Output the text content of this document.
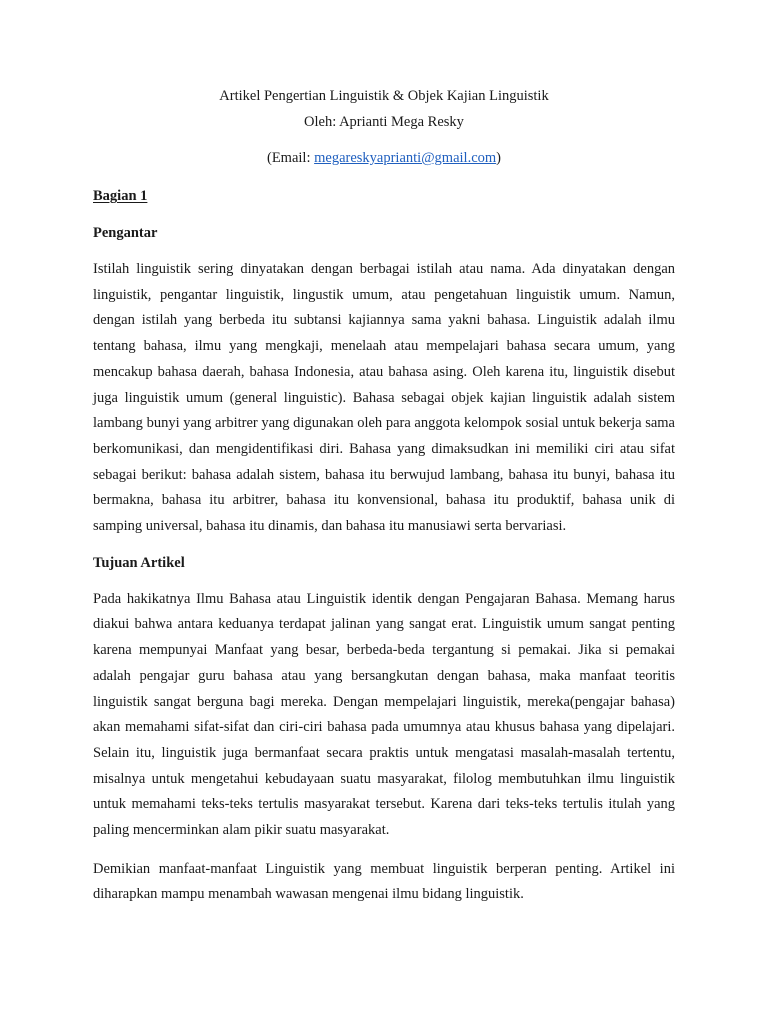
Artikel Pengertian Linguistik & Objek Kajian Linguistik

Oleh: Aprianti Mega Resky

(Email: megareskyaprianti@gmail.com)

Bagian 1
Pengantar

Istilah linguistik sering dinyatakan dengan berbagai istilah atau nama. Ada dinyatakan dengan linguistik, pengantar linguistik, lingustik umum, atau pengetahuan linguistik umum. Namun, dengan istilah yang berbeda itu subtansi kajiannya sama yakni bahasa. Linguistik adalah ilmu tentang bahasa, ilmu yang mengkaji, menelaah atau mempelajari bahasa secara umum, yang mencakup bahasa daerah, bahasa Indonesia, atau bahasa asing. Oleh karena itu, linguistik disebut juga linguistik umum (general linguistic). Bahasa sebagai objek kajian linguistik adalah sistem lambang bunyi yang arbitrer yang digunakan oleh para anggota kelompok sosial untuk bekerja sama berkomunikasi, dan mengidentifikasi diri. Bahasa yang dimaksudkan ini memiliki ciri atau sifat sebagai berikut: bahasa adalah sistem, bahasa itu berwujud lambang, bahasa itu bunyi, bahasa itu bermakna, bahasa itu arbitrer, bahasa itu konvensional, bahasa itu produktif, bahasa unik di samping universal, bahasa itu dinamis, dan bahasa itu manusiawi serta bervariasi.

Tujuan Artikel

Pada hakikatnya Ilmu Bahasa atau Linguistik identik dengan Pengajaran Bahasa. Memang harus diakui bahwa antara keduanya terdapat jalinan yang sangat erat. Linguistik umum sangat penting karena mempunyai Manfaat yang besar, berbeda-beda tergantung si pemakai. Jika si pemakai adalah pengajar guru bahasa atau yang bersangkutan dengan bahasa, maka manfaat teoritis linguistik sangat berguna bagi mereka. Dengan mempelajari linguistik, mereka(pengajar bahasa) akan memahami sifat-sifat dan ciri-ciri bahasa pada umumnya atau khusus bahasa yang dipelajari. Selain itu, linguistik juga bermanfaat secara praktis untuk mengatasi masalah-masalah tertentu, misalnya untuk mengetahui kebudayaan suatu masyarakat, filolog membutuhkan ilmu linguistik untuk memahami teks-teks tertulis masyarakat tersebut. Karena dari teks-teks tertulis itulah yang paling mencerminkan alam pikir suatu masyarakat.

Demikian manfaat-manfaat Linguistik yang membuat linguistik berperan penting. Artikel ini diharapkan mampu menambah wawasan mengenai ilmu bidang linguistik.
